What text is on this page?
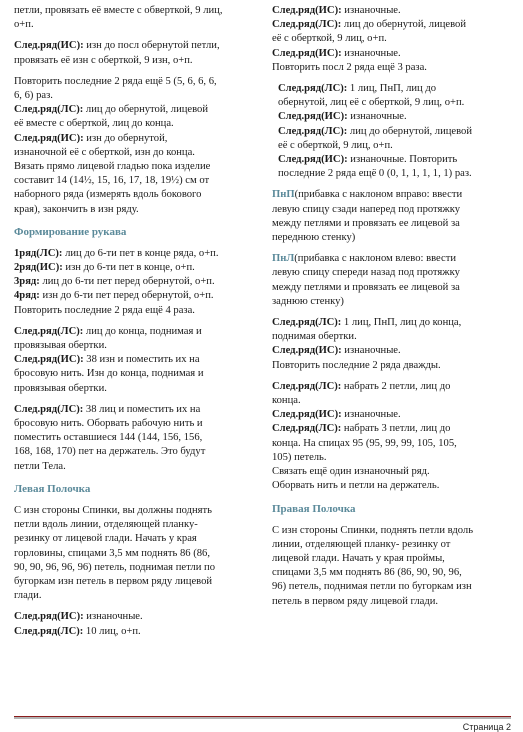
петли, провязать её вместе с обверткой, 9 лиц,
о+п.
След.ряд(ИС): изн до посл обернутой петли,
провязать её изн с оберткой, 9 изн, о+п.
Повторить последние 2 ряда ещё 5 (5, 6, 6, 6,
6, 6) раз.
След.ряд(ЛС): лиц до обернутой, лицевой
её вместе с оберткой, лиц до конца.
След.ряд(ИС): изн до обернутой,
изнаночной её с оберткой, изн до конца.
Вязать прямо лицевой гладью пока изделие
составит 14 (14½, 15, 16, 17, 18, 19½) см от
наборного ряда (измерять вдоль бокового
края), закончить в изн ряду.
Формирование рукава
1ряд(ЛС): лиц до 6-ти пет в конце ряда, о+п.
2ряд(ИС): изн до 6-ти пет в конце, о+п.
3ряд: лиц до 6-ти пет перед обернутой, о+п.
4ряд: изн до 6-ти пет перед обернутой, о+п.
Повторить последние 2 ряда ещё 4 раза.
След.ряд(ЛС): лиц до конца, поднимая и
провязывая обертки.
След.ряд(ИС): 38 изн и поместить их на
бросовую нить. Изн до конца, поднимая и
провязывая обертки.
След.ряд(ЛС): 38 лиц и поместить их на
бросовую нить. Оборвать рабочую нить и
поместить оставшиеся 144 (144, 156, 156,
168, 168, 170) пет на держатель. Это будут
петли Тела.
Левая Полочка
С изн стороны Спинки, вы должны поднять
петли вдоль линии, отделяющей планку-
резинку от лицевой глади. Начать у края
горловины, спицами 3,5 мм поднять 86 (86,
90, 90, 96, 96, 96) петель, поднимая петли по
бугоркам изн петель в первом ряду лицевой
глади.
След.ряд(ИС): изнаночные.
След.ряд(ЛС): 10 лиц, о+п.
След.ряд(ИС): изнаночные.
След.ряд(ЛС): лиц до обернутой, лицевой
её с оберткой, 9 лиц, о+п.
След.ряд(ИС): изнаночные.
Повторить посл 2 ряда ещё 3 раза.
След.ряд(ЛС): 1 лиц, ПнП, лиц до
обернутой, лиц её с оберткой, 9 лиц, о+п.
След.ряд(ИС): изнаночные.
След.ряд(ЛС): лиц до обернутой, лицевой
её с оберткой, 9 лиц, о+п.
След.ряд(ИС): изнаночные. Повторить
последние 2 ряда ещё 0 (0, 1, 1, 1, 1, 1) раз.
ПнП(прибавка с наклоном вправо: ввести
левую спицу сзади наперед под протяжку
между петлями и провязать ее лицевой за
переднюю стенку)
ПнЛ(прибавка с наклоном влево: ввести
левую спицу спереди назад под протяжку
между петлями и провязать ее лицевой за
заднюю стенку)
След.ряд(ЛС): 1 лиц, ПнП, лиц до конца,
поднимая обертки.
След.ряд(ИС): изнаночные.
Повторить последние 2 ряда дважды.
След.ряд(ЛС): набрать 2 петли, лиц до
конца.
След.ряд(ИС): изнаночные.
След.ряд(ЛС): набрать 3 петли, лиц до
конца. На спицах 95 (95, 99, 99, 105, 105,
105) петель.
Связать ещё один изнаночный ряд.
Оборвать нить и петли на держатель.
Правая Полочка
С изн стороны Спинки, поднять петли вдоль
линии, отделяющей планку- резинку от
лицевой глади. Начать у края проймы,
спицами 3,5 мм поднять 86 (86, 90, 90, 96,
96) петель, поднимая петли по бугоркам изн
петель в первом ряду лицевой глади.
Страница 2
